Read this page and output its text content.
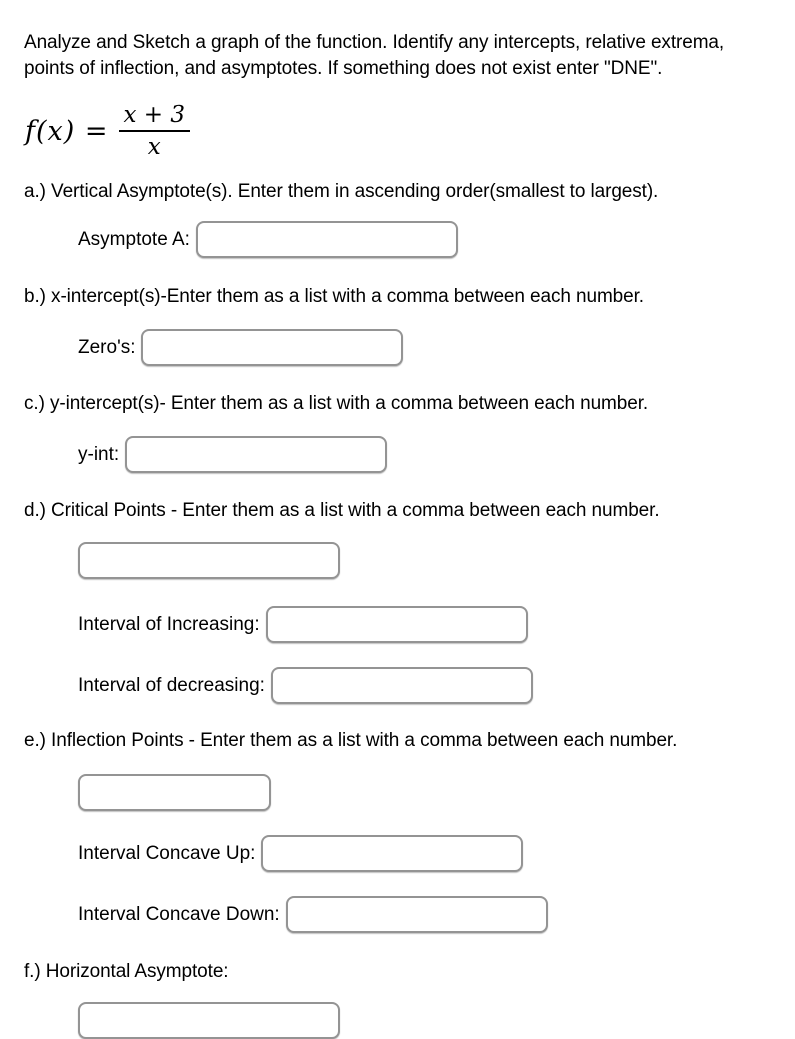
Analyze and Sketch a graph of the function. Identify any intercepts, relative extrema, points of inflection, and asymptotes. If something does not exist enter "DNE".

$f(x) = \frac{x + 3}{x}$

a.) Vertical Asymptote(s). Enter them in ascending order(smallest to largest).

Asymptote A:

b.) x-intercept(s)-Enter them as a list with a comma between each number.

Zero's:

c.) y-intercept(s)- Enter them as a list with a comma between each number.

y-int:

d.) Critical Points - Enter them as a list with a comma between each number.

Interval of Increasing:
Interval of decreasing:

e.) Inflection Points - Enter them as a list with a comma between each number.

Interval Concave Up:
Interval Concave Down:

f.) Horizontal Asymptote:
